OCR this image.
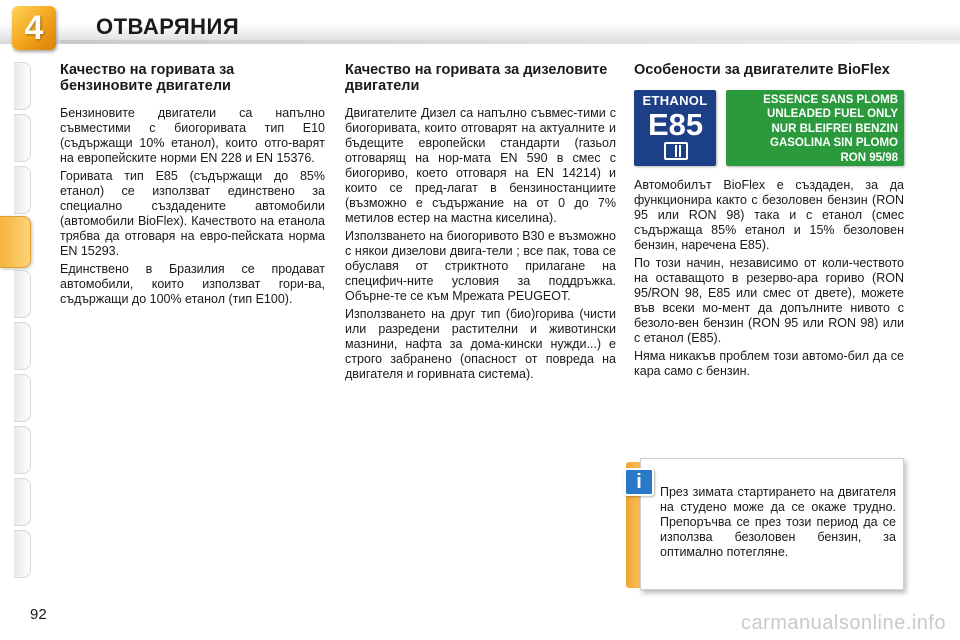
4	ОТВАРЯНИЯ
Качество на горивата за бензиновите двигатели

Бензиновите двигатели са напълно съвместими с биогоривата тип E10 (съдържащи 10% етанол), които отго-варят на европейските норми EN 228 и EN 15376.

Горивата тип E85 (съдържащи до 85% етанол) се използват единствено за специално създадените автомобили (автомобили BioFlex). Качеството на етанола трябва да отговаря на евро-пейската норма EN 15293.

Единствено в Бразилия се продават автомобили, които използват гори-ва, съдържащи до 100% етанол (тип E100).

Качество на горивата за дизеловите двигатели

Двигателите Дизел са напълно съвмес-тими с биогоривата, които отговарят на актуалните и бъдещите европейски стандарти (газьол отговарящ на нор-мата EN 590 в смес с биогориво, което отговаря на EN 14214) и които се пред-лагат в бензиностанциите (възможно е съдържание на от 0 до 7% метилов естер на мастна киселина).

Използването на биогоривото B30 е възможно с някои дизелови двига-тели ; все пак, това се обуславя от стриктното прилагане на специфич-ните условия за поддръжка. Обърне-те се към Мрежата PEUGEOT.

Използването на друг тип (био)горива (чисти или разредени растителни и животински мазнини, нафта за дома-кински нужди...) е строго забранено (опасност от повреда на двигателя и горивната система).

Особености за двигателите BioFlex
ETHANOL
E85
ESSENCE SANS PLOMB
UNLEADED FUEL ONLY
NUR BLEIFREI BENZIN
GASOLINA SIN PLOMO
RON 95/98

Автомобилът BioFlex е създаден, за да функционира както с безоловен бензин (RON 95 или RON 98) така и с етанол (смес съдържаща 85% етанол и 15% безоловен бензин, наречена E85).

По този начин, независимо от коли-чеството на оставащото в резерво-ара гориво (RON 95/RON 98, E85 или смес от двете), можете във всеки мо-мент да допълните нивото с безоло-вен бензин (RON 95 или RON 98) или с етанол (E85).

Няма никакъв проблем този автомо-бил да се кара само с бензин.

i	През зимата стартирането на двигателя на студено може да се окаже трудно. Препоръчва се през този период да се използва безоловен бензин, за оптимално потегляне.
92	carmanualsonline.info
